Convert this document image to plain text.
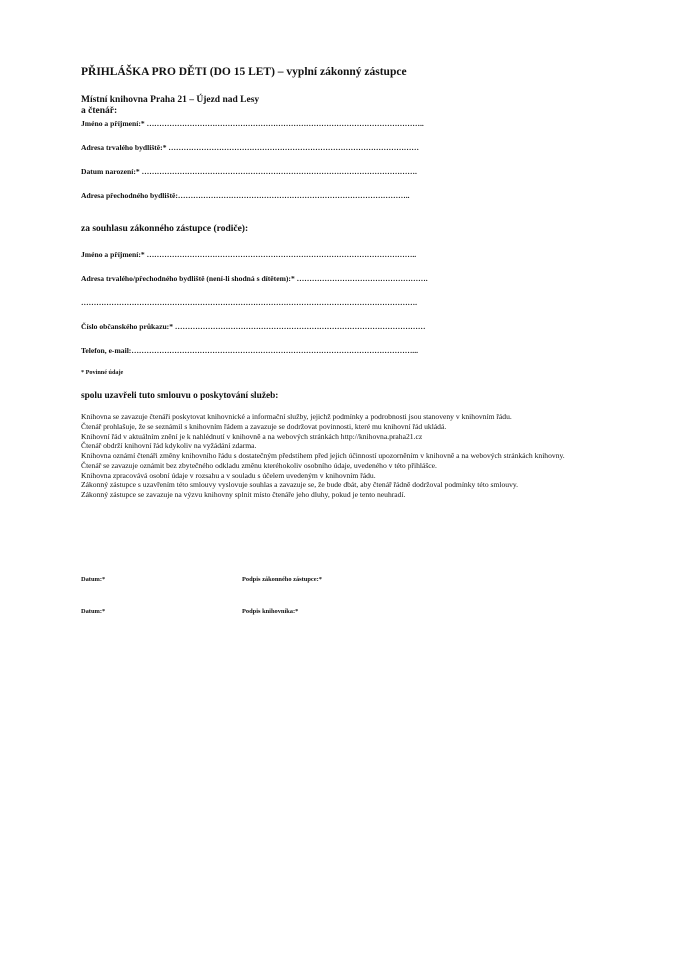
PŘIHLÁŠKA PRO DĚTI (DO 15 LET) – vyplní zákonný zástupce
Místní knihovna Praha 21 – Újezd nad Lesy
a čtenář:
Jméno a příjmení:* ………………………………………………………………………………………………..
Adresa trvalého bydliště:* ………………………………………………………………………………………
Datum narození:* ……………………………………………………………………………………………….
Adresa přechodného bydliště:………………………………………………………………………………..
za souhlasu zákonného zástupce (rodiče):
Jméno a příjmení:* ……………………………………………………………………………………………..
Adresa trvalého/přechodného bydliště (není-li shodná s dítětem):* …………………………………………….
…………………………………………………………………………………………………………………….
Číslo občanského průkazu:* ………………………………………………………………………………………
Telefon, e-mail:…………………………………………………………………………………………………...
* Povinné údaje
spolu uzavřeli tuto smlouvu o poskytování služeb:

Knihovna se zavazuje čtenáři poskytovat knihovnické a informační služby, jejichž podmínky a podrobnosti jsou stanoveny v knihovním řádu.

Čtenář prohlašuje, že se seznámil s knihovním řádem a zavazuje se dodržovat povinnosti, které mu knihovní řád ukládá.

Knihovní řád v aktuálním znění je k nahlédnutí v knihovně a na webových stránkách http://knihovna.praha21.cz

Čtenář obdrží knihovní řád kdykoliv na vyžádání zdarma.

Knihovna oznámí čtenáři změny knihovního řádu s dostatečným předstihem před jejich účinností upozorněním v knihovně a na webových stránkách knihovny.

Čtenář se zavazuje oznámit bez zbytečného odkladu změnu kteréhokoliv osobního údaje, uvedeného v této přihlášce.

Knihovna zpracovává osobní údaje v rozsahu a v souladu s účelem uvedeným v knihovním řádu.

Zákonný zástupce s uzavřením této smlouvy vyslovuje souhlas a zavazuje se, že bude dbát, aby čtenář řádně dodržoval podmínky této smlouvy.

Zákonný zástupce se zavazuje na výzvu knihovny splnit místo čtenáře jeho dluhy, pokud je tento neuhradí.

Datum:*	Podpis zákonného zástupce:*
Datum:*	Podpis knihovníka:*
